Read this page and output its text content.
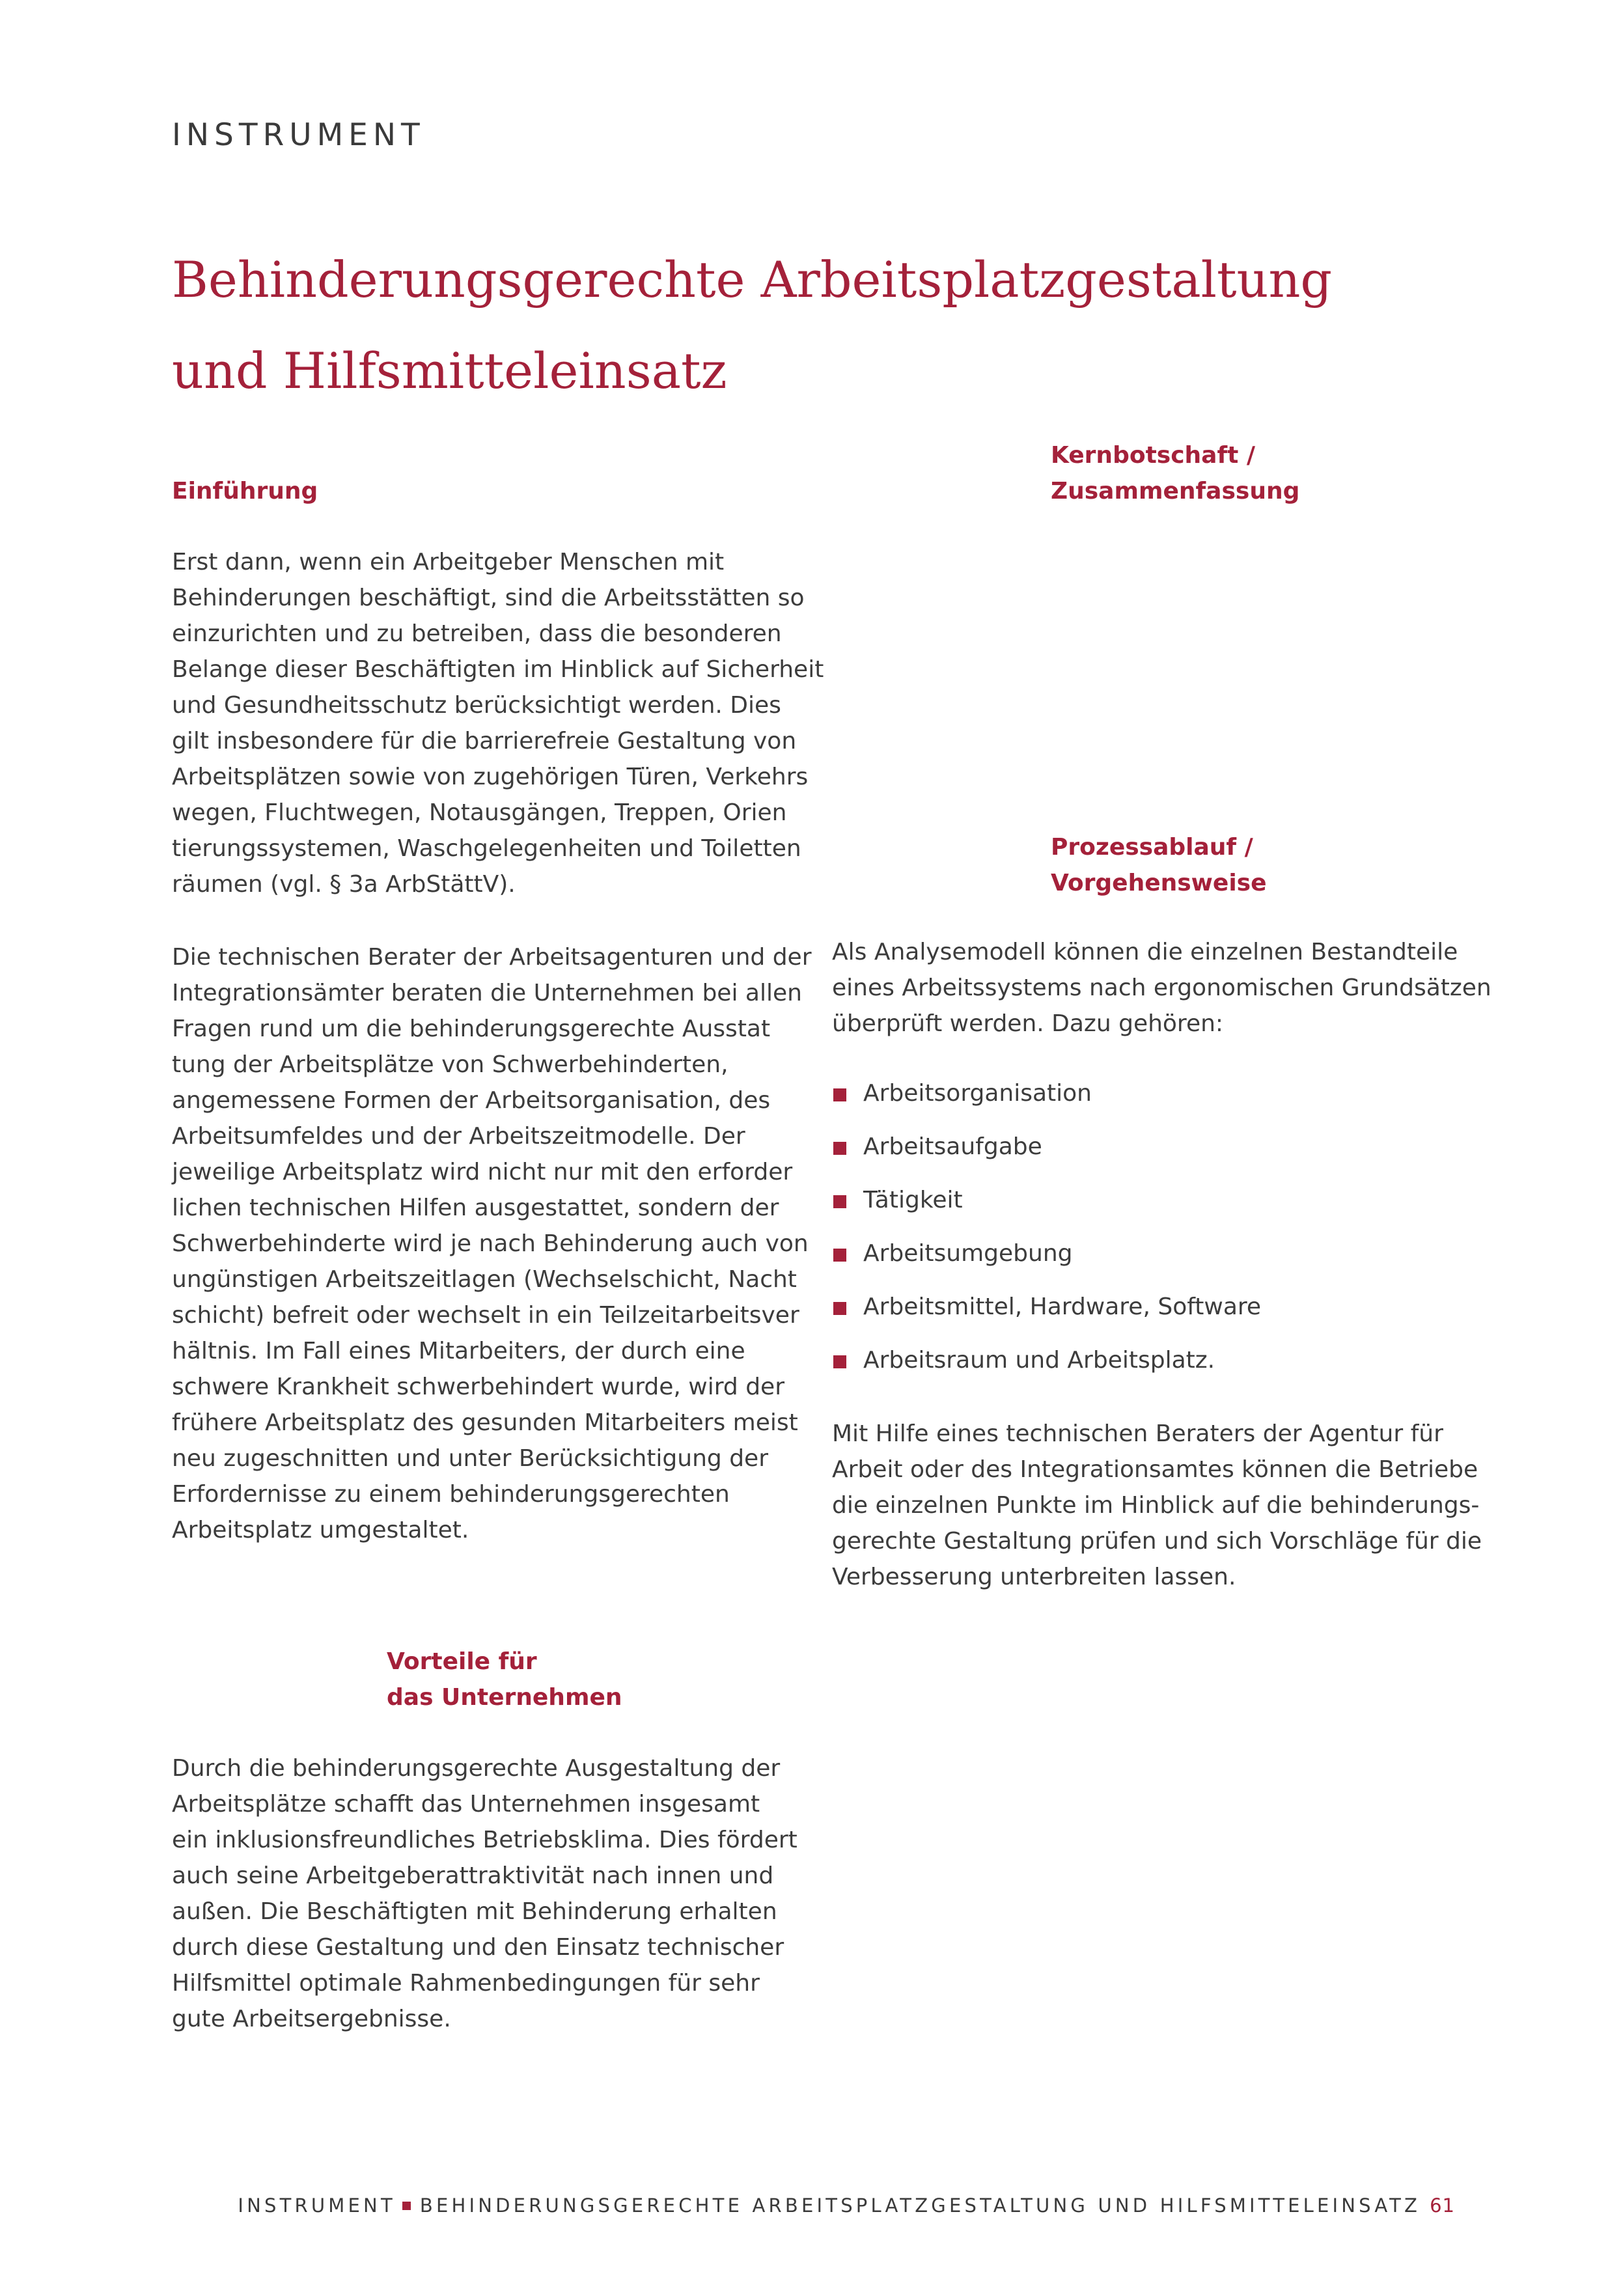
INSTRUMENT
Behinderungsgerechte Arbeitsplatzgestaltung
und Hilfsmitteleinsatz
Einführung
Erst dann, wenn ein Arbeitgeber Menschen mit
Behinderungen beschäftigt, sind die Arbeitsstätten so
einzurichten und zu betreiben, dass die besonderen
Belange dieser Beschäftigten im Hinblick auf Sicherheit
und Gesundheitsschutz berücksichtigt werden. Dies
gilt insbesondere für die barrierefreie Gestaltung von
Arbeitsplätzen sowie von zugehörigen Türen, Verkehrs
wegen, Fluchtwegen, Notausgängen, Treppen, Orien
tierungssystemen, Waschgelegenheiten und Toiletten
räumen (vgl. § 3a ArbStättV).
Die technischen Berater der Arbeitsagenturen und der
Integrationsämter beraten die Unternehmen bei allen
Fragen rund um die behinderungsgerechte Ausstat
tung der Arbeitsplätze von Schwerbehinderten,
angemessene Formen der Arbeitsorganisation, des
Arbeitsumfeldes und der Arbeitszeitmodelle. Der
jeweilige Arbeitsplatz wird nicht nur mit den erforder
lichen technischen Hilfen ausgestattet, sondern der
Schwerbehinderte wird je nach Behinderung auch von
ungünstigen Arbeitszeitlagen (Wechselschicht, Nacht
schicht) befreit oder wechselt in ein Teilzeitarbeitsver
hältnis. Im Fall eines Mitarbeiters, der durch eine
schwere Krankheit schwerbehindert wurde, wird der
frühere Arbeitsplatz des gesunden Mitarbeiters meist
neu zugeschnitten und unter Berücksichtigung der
Erfordernisse zu einem behinderungsgerechten
Arbeitsplatz umgestaltet.
Vorteile für
das Unternehmen
Durch die behinderungsgerechte Ausgestaltung der
Arbeitsplätze schafft das Unternehmen insgesamt
ein inklusionsfreundliches Betriebsklima. Dies fördert
auch seine Arbeitgeberattraktivität nach innen und
außen. Die Beschäftigten mit Behinderung erhalten
durch diese Gestaltung und den Einsatz technischer
Hilfsmittel optimale Rahmenbedingungen für sehr
gute Arbeitsergebnisse.
Kernbotschaft /
Zusammenfassung
Prozessablauf /
Vorgehensweise
Als Analysemodell können die einzelnen Bestandteile
eines Arbeitssystems nach ergonomischen Grundsätzen
überprüft werden. Dazu gehören:
Arbeitsorganisation
Arbeitsaufgabe
Tätigkeit
Arbeitsumgebung
Arbeitsmittel, Hardware, Software
Arbeitsraum und Arbeitsplatz.
Mit Hilfe eines technischen Beraters der Agentur für
Arbeit oder des Integrationsamtes können die Betriebe
die einzelnen Punkte im Hinblick auf die behinderungs-
gerechte Gestaltung prüfen und sich Vorschläge für die
Verbesserung unterbreiten lassen.
INSTRUMENT BEHINDERUNGSGERECHTE ARBEITSPLATZGESTALTUNG UND HILFSMITTELEINSATZ 61
